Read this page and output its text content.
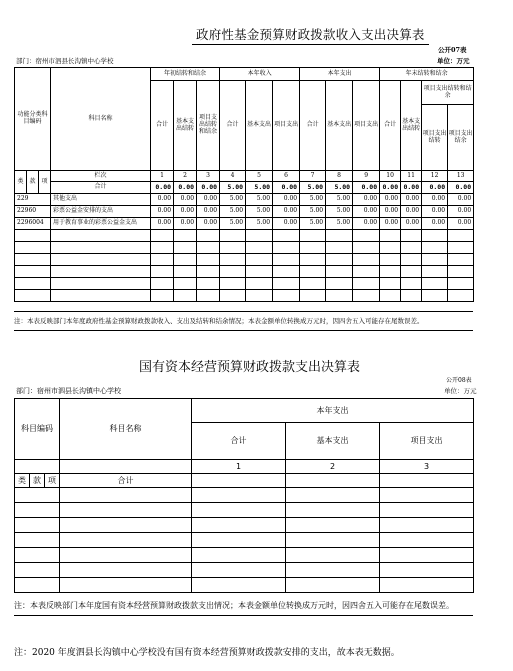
政府性基金预算财政拨款收入支出决算表
公开07表
部门：宿州市泗县长沟镇中心学校	单位：万元
功能分类科目编码			科目名称	年初结转和结余			本年收入			本年支出			年末结转和结余			
				合计	基本支出结转	项目支出结转和结余	合计	基本支出	项目支出	合计	基本支出	项目支出	合计	基本支出结转	项目支出结转和结余	
															项目支出结转	项目支出结余
类	款	项	栏次	1	2	3	4	5	6	7	8	9	10	11	12	13
			合计	0.00	0.00	0.00	5.00	5.00	0.00	5.00	5.00	0.00	0.00	0.00	0.00	0.00
229			其他支出	0.00	0.00	0.00	5.00	5.00	0.00	5.00	5.00	0.00	0.00	0.00	0.00	0.00
22960			彩票公益金安排的支出	0.00	0.00	0.00	5.00	5.00	0.00	5.00	5.00	0.00	0.00	0.00	0.00	0.00
2296004			用于教育事业的彩票公益金支出	0.00	0.00	0.00	5.00	5.00	0.00	5.00	5.00	0.00	0.00	0.00	0.00	0.00

注：本表反映部门本年度政府性基金预算财政拨款收入、支出及结转和结余情况；本表金额单位转换成万元时，因四舍五入可能存在尾数误差。
国有资本经营预算财政拨款支出决算表
公开08表
部门：宿州市泗县长沟镇中心学校	单位：万元
科目编码			科目名称	本年支出		
				合计	基本支出	项目支出
				1	2	3
类	款	项	合计			

注：本表反映部门本年度国有资本经营预算财政拨款支出情况；本表金额单位转换成万元时，因四舍五入可能存在尾数误差。
注：2020 年度泗县长沟镇中心学校没有国有资本经营预算财政拨款安排的支出，故本表无数据。
